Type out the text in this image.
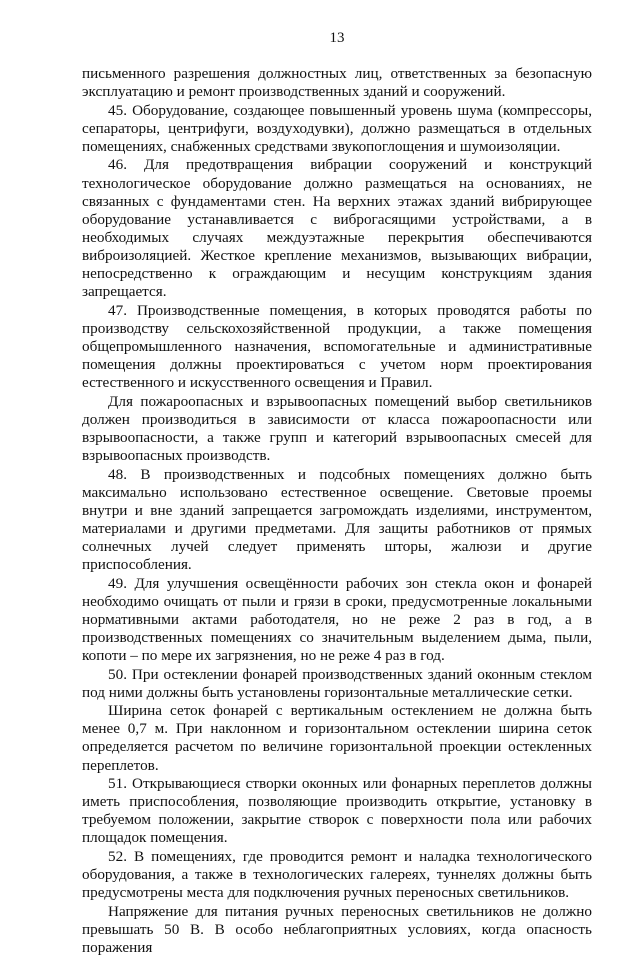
13

письменного разрешения должностных лиц, ответственных за безопасную эксплуатацию и ремонт производственных зданий и сооружений.

45. Оборудование, создающее повышенный уровень шума (компрессоры, сепараторы, центрифуги, воздуходувки), должно размещаться в отдельных помещениях, снабженных средствами звукопоглощения и шумоизоляции.

46. Для предотвращения вибрации сооружений и конструкций технологическое оборудование должно размещаться на основаниях, не связанных с фундаментами стен. На верхних этажах зданий вибрирующее оборудование устанавливается с виброгасящими устройствами, а в необходимых случаях междуэтажные перекрытия обеспечиваются виброизоляцией. Жесткое крепление механизмов, вызывающих вибрации, непосредственно к ограждающим и несущим конструкциям здания запрещается.

47. Производственные помещения, в которых проводятся работы по производству сельскохозяйственной продукции, а также помещения общепромышленного назначения, вспомогательные и административные помещения должны проектироваться с учетом норм проектирования естественного и искусственного освещения и Правил.

Для пожароопасных и взрывоопасных помещений выбор светильников должен производиться в зависимости от класса пожароопасности или взрывоопасности, а также групп и категорий взрывоопасных смесей для взрывоопасных производств.

48. В производственных и подсобных помещениях должно быть максимально использовано естественное освещение. Световые проемы внутри и вне зданий запрещается загромождать изделиями, инструментом, материалами и другими предметами. Для защиты работников от прямых солнечных лучей следует применять шторы, жалюзи и другие приспособления.

49. Для улучшения освещённости рабочих зон стекла окон и фонарей необходимо очищать от пыли и грязи в сроки, предусмотренные локальными нормативными актами работодателя, но не реже 2 раз в год, а в производственных помещениях со значительным выделением дыма, пыли, копоти – по мере их загрязнения, но не реже 4 раз в год.

50. При остеклении фонарей производственных зданий оконным стеклом под ними должны быть установлены горизонтальные металлические сетки.

Ширина сеток фонарей с вертикальным остеклением не должна быть менее 0,7 м. При наклонном и горизонтальном остеклении ширина сеток определяется расчетом по величине горизонтальной проекции остекленных переплетов.

51. Открывающиеся створки оконных или фонарных переплетов должны иметь приспособления, позволяющие производить открытие, установку в требуемом положении, закрытие створок с поверхности пола или рабочих площадок помещения.

52. В помещениях, где проводится ремонт и наладка технологического оборудования, а также в технологических галереях, туннелях должны быть предусмотрены места для подключения ручных переносных светильников.

Напряжение для питания ручных переносных светильников не должно превышать 50 В. В особо неблагоприятных условиях, когда опасность поражения
